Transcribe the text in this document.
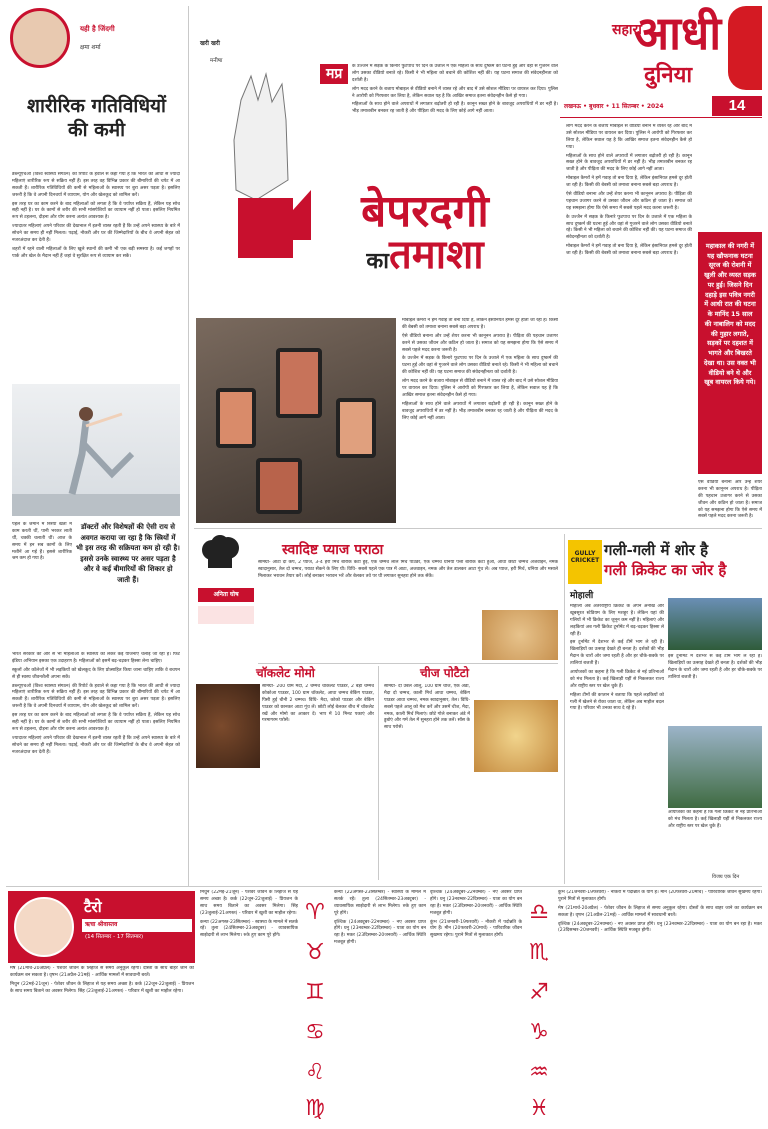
सहारा
आधी
दुनिया
लखनऊ • बुधवार • 11 सितम्बर • 2024	14
यही है जिंदगी
क्षमा शर्मा
शारीरिक गतिविधियों की कमी

डब्ल्यूएचओ (विश्व स्वास्थ्य संगठन) की रिपोर्ट के हवाले से कहा गया है कि भारत की आधी से ज्यादा महिलाएं शारीरिक रूप से सक्रिय नहीं हैं। इस तरह वह विभिन्न प्रकार की बीमारियों की चपेट में आ सकती हैं। शारीरिक गतिविधियों की कमी से महिलाओं के स्वास्थ्य पर बुरा असर पड़ता है। इसलिए जरूरी है कि वे अपनी दिनचर्या में व्यायाम, योग और खेलकूद को शामिल करें।

इस तरह घर का काम करने के बाद महिलाओं को लगता है कि वे पर्याप्त सक्रिय हैं, लेकिन यह सोच सही नहीं है। घर के कामों से शरीर की सभी मांसपेशियों का व्यायाम नहीं हो पाता। इसलिए नियमित रूप से टहलना, दौड़ना और योग करना अत्यंत आवश्यक है।

ज्यादातर महिलाएं अपने परिवार की देखभाल में इतनी व्यस्त रहती हैं कि उन्हें अपने स्वास्थ्य के बारे में सोचने का समय ही नहीं मिलता। पढ़ाई, नौकरी और घर की जिम्मेदारियों के बीच वे अपनी सेहत को नजरअंदाज कर देती हैं।

शहरों में रहने वाली महिलाओं के लिए खुले स्थानों की कमी भी एक बड़ी समस्या है। कई जगहों पर पार्क और खेल के मैदान नहीं हैं जहां वे सुरक्षित रूप से व्यायाम कर सकें।

पहले के जमाने में स्त्रियां खेतों में काम करती थीं, पानी भरकर लाती थीं, चक्की चलाती थीं। आज के समय में इन सब कामों के लिए मशीनें आ गई हैं। इससे शारीरिक श्रम कम हो गया है।

डॉक्टरों और विशेषज्ञों की ऐसी राय से अवगत कराया जा रहा है कि स्त्रियों में भी इस तरह की सक्रियता कम हो रही है। इससे उनके स्वास्थ्य पर असर पड़ता है और वे कई बीमारियों की शिकार हो जाती हैं।

भारत सरकार की ओर से भी महिलाओं के स्वास्थ्य को लेकर कई योजनाएं चलाई जा रही हैं। फिट इंडिया अभियान इसका एक उदाहरण है। महिलाओं को इसमें बढ़-चढ़कर हिस्सा लेना चाहिए।

स्कूलों और कॉलेजों में भी लड़कियों को खेलकूद के लिए प्रोत्साहित किया जाना चाहिए ताकि वे बचपन से ही स्वस्थ जीवनशैली अपना सकें।

डब्ल्यूएचओ (विश्व स्वास्थ्य संगठन) की रिपोर्ट के हवाले से कहा गया है कि भारत की आधी से ज्यादा महिलाएं शारीरिक रूप से सक्रिय नहीं हैं। इस तरह वह विभिन्न प्रकार की बीमारियों की चपेट में आ सकती हैं। शारीरिक गतिविधियों की कमी से महिलाओं के स्वास्थ्य पर बुरा असर पड़ता है। इसलिए जरूरी है कि वे अपनी दिनचर्या में व्यायाम, योग और खेलकूद को शामिल करें।

इस तरह घर का काम करने के बाद महिलाओं को लगता है कि वे पर्याप्त सक्रिय हैं, लेकिन यह सोच सही नहीं है। घर के कामों से शरीर की सभी मांसपेशियों का व्यायाम नहीं हो पाता। इसलिए नियमित रूप से टहलना, दौड़ना और योग करना अत्यंत आवश्यक है।

ज्यादातर महिलाएं अपने परिवार की देखभाल में इतनी व्यस्त रहती हैं कि उन्हें अपने स्वास्थ्य के बारे में सोचने का समय ही नहीं मिलता। पढ़ाई, नौकरी और घर की जिम्मेदारियों के बीच वे अपनी सेहत को नजरअंदाज कर देती हैं।

खरी खरी
मनीषा
मप्र	के उज्जैन में सड़क के किनारे फुटपाथ पर दिन के उजाले में एक महिला के साथ दुष्कर्म की घटना हुई और वहां से गुजरने वाले लोग उसका वीडियो बनाते रहे। किसी ने भी महिला को बचाने की कोशिश नहीं की। यह घटना समाज की संवेदनहीनता को दर्शाती है।

लोग मदद करने के बजाय मोबाइल से वीडियो बनाने में व्यस्त रहे और बाद में उसे सोशल मीडिया पर वायरल कर दिया। पुलिस ने आरोपी को गिरफ्तार कर लिया है, लेकिन सवाल यह है कि आखिर समाज इतना संवेदनहीन कैसे हो गया।

महिलाओं के साथ होने वाले अपराधों में लगातार बढ़ोतरी हो रही है। कानून सख्त होने के बावजूद अपराधियों में डर नहीं है। भीड़ तमाशबीन बनकर रह जाती है और पीड़िता की मदद के लिए कोई आगे नहीं आता।

बेपरदगी
कातमाशा

मोबाइल कैमरों ने हमें गवाह तो बना दिया है, लेकिन इंसानियत हमसे दूर होती जा रही है। किसी की बेबसी को तमाशा बनाना सबसे बड़ा अपराध है।

ऐसे वीडियो बनाना और उन्हें शेयर करना भी कानूनन अपराध है। पीड़िता की पहचान उजागर करने से उसका जीवन और कठिन हो जाता है। समाज को यह समझना होगा कि ऐसे समय में सबसे पहले मदद करना जरूरी है।

के उज्जैन में सड़क के किनारे फुटपाथ पर दिन के उजाले में एक महिला के साथ दुष्कर्म की घटना हुई और वहां से गुजरने वाले लोग उसका वीडियो बनाते रहे। किसी ने भी महिला को बचाने की कोशिश नहीं की। यह घटना समाज की संवेदनहीनता को दर्शाती है।

लोग मदद करने के बजाय मोबाइल से वीडियो बनाने में व्यस्त रहे और बाद में उसे सोशल मीडिया पर वायरल कर दिया। पुलिस ने आरोपी को गिरफ्तार कर लिया है, लेकिन सवाल यह है कि आखिर समाज इतना संवेदनहीन कैसे हो गया।

महिलाओं के साथ होने वाले अपराधों में लगातार बढ़ोतरी हो रही है। कानून सख्त होने के बावजूद अपराधियों में डर नहीं है। भीड़ तमाशबीन बनकर रह जाती है और पीड़िता की मदद के लिए कोई आगे नहीं आता।

लोग मदद करने के बजाय मोबाइल से वीडियो बनाने में व्यस्त रहे और बाद में उसे सोशल मीडिया पर वायरल कर दिया। पुलिस ने आरोपी को गिरफ्तार कर लिया है, लेकिन सवाल यह है कि आखिर समाज इतना संवेदनहीन कैसे हो गया।

महिलाओं के साथ होने वाले अपराधों में लगातार बढ़ोतरी हो रही है। कानून सख्त होने के बावजूद अपराधियों में डर नहीं है। भीड़ तमाशबीन बनकर रह जाती है और पीड़िता की मदद के लिए कोई आगे नहीं आता।

मोबाइल कैमरों ने हमें गवाह तो बना दिया है, लेकिन इंसानियत हमसे दूर होती जा रही है। किसी की बेबसी को तमाशा बनाना सबसे बड़ा अपराध है।

ऐसे वीडियो बनाना और उन्हें शेयर करना भी कानूनन अपराध है। पीड़िता की पहचान उजागर करने से उसका जीवन और कठिन हो जाता है। समाज को यह समझना होगा कि ऐसे समय में सबसे पहले मदद करना जरूरी है।

के उज्जैन में सड़क के किनारे फुटपाथ पर दिन के उजाले में एक महिला के साथ दुष्कर्म की घटना हुई और वहां से गुजरने वाले लोग उसका वीडियो बनाते रहे। किसी ने भी महिला को बचाने की कोशिश नहीं की। यह घटना समाज की संवेदनहीनता को दर्शाती है।

मोबाइल कैमरों ने हमें गवाह तो बना दिया है, लेकिन इंसानियत हमसे दूर होती जा रही है। किसी की बेबसी को तमाशा बनाना सबसे बड़ा अपराध है।

महाकाल की नगरी में यह खौफनाक घटना सूरज की रोशनी में खुली और व्यस्त सड़क पर हुई। जिसने दिन दहाड़े इस पवित्र नगरी में आधी रात की घटना के मानिंद 15 साल की नाबालिग को मदद की गुहार लगाते, सड़कों पर दहशत में भागते और बिखरते देखा था। उस वक्त भी वीडियो बने थे और खूब वायरल किये गये।

ऐसे वीडियो बनाना और उन्हें शेयर करना भी कानूनन अपराध है। पीड़िता की पहचान उजागर करने से उसका जीवन और कठिन हो जाता है। समाज को यह समझना होगा कि ऐसे समय में सबसे पहले मदद करना जरूरी है।

अनिता घोष
स्वादिष्ट प्याज पराठा
सामग्री- आटा दो कप, 2 प्याज, 3-4 हरी मिर्च बारीक कटी हुई, एक चम्मच लाल मिर्च पाउडर, एक चम्मच धनिया पत्ता बारीक कटा हुआ, आधा छोटा चम्मच अजवाइन, नमक स्वादानुसार, तेल दो चम्मच, पराठा सेंकने के लिए घी। विधि- सबसे पहले एक पात्र में आटा, अजवाइन, नमक और तेल डालकर आटा गूंथ लें। अब प्याज, हरी मिर्च, धनिया और मसाले मिलाकर भरावन तैयार करें। लोई बनाकर भरावन भरें और बेलकर तवे पर घी लगाकर सुनहरा होने तक सेंकें।
चॉकलेट मोमो
सामग्री- 200 ग्राम मैदा, 2 चम्मच चॉकलेट पाउडर, 2 बड़ा चम्मच कोकोआ पाउडर, 100 ग्राम चॉकलेट, आधा चम्मच बेकिंग पाउडर, पिसी हुई चीनी 2 चम्मच। विधि- मैदा, कोको पाउडर और बेकिंग पाउडर को छानकर आटा गूंथ लें। छोटी लोई बेलकर बीच में चॉकलेट रखें और मोमो का आकार दें। भाप में 10 मिनट पकाएं और गरमागरम परोसें।
चीज पोटैटो
सामग्री- दो उबले आलू, 100 ग्राम चीज, एक अंडा, मैदा दो चम्मच, काली मिर्च आधा चम्मच, बेकिंग पाउडर आधा चम्मच, नमक स्वादानुसार, तेल। विधि- सबसे पहले आलू को मैश करें और उसमें चीज, मैदा, नमक, काली मिर्च मिलाएं। छोटे गोले बनाकर अंडे में डुबोएं और गर्म तेल में सुनहरा होने तक तलें। सॉस के साथ परोसें।
गली-गली में शोर है
गली क्रिकेट का जोर है
GULLY CRICKET
मोहाली

मोहाली अब अंतरराष्ट्रीय क्रिकेट के अपने अनोखे और खूबसूरत स्टेडियम के लिए मशहूर है। लेकिन यहां की गलियों में भी क्रिकेट का जुनून कम नहीं है। महिलाएं और लड़कियां अब गली क्रिकेट टूर्नामेंट में बढ़-चढ़कर हिस्सा ले रही हैं।

इस टूर्नामेंट में देशभर से कई टीमें भाग ले रही हैं। खिलाड़ियों का उत्साह देखते ही बनता है। दर्शकों की भीड़ मैदान के चारों ओर जमा रहती है और हर चौके-छक्के पर तालियां बजती हैं।

आयोजकों का कहना है कि गली क्रिकेट से नई प्रतिभाओं को मंच मिलता है। कई खिलाड़ी यहीं से निकलकर राज्य और राष्ट्रीय स्तर पर खेल चुके हैं।

महिला टीमों की कप्तान ने बताया कि पहले लड़कियों को गली में खेलने से रोका जाता था, लेकिन अब माहौल बदल गया है। परिवार भी उनका साथ दे रहे हैं।

इस टूर्नामेंट में देशभर से कई टीमें भाग ले रही हैं। खिलाड़ियों का उत्साह देखते ही बनता है। दर्शकों की भीड़ मैदान के चारों ओर जमा रहती है और हर चौके-छक्के पर तालियां बजती हैं।

आयोजकों का कहना है कि गली क्रिकेट से नई प्रतिभाओं को मंच मिलता है। कई खिलाड़ी यहीं से निकलकर राज्य और राष्ट्रीय स्तर पर खेल चुके हैं।

विजय एक दिन
टैरो
ऋचा श्रीवास्तव
(14 सितम्बर - 17 सितम्बर)

मेष (21मार्च-20अप्रैल) - पेशेवर जीवन के लिहाज से समय अनुकूल रहेगा। दोस्तों के साथ बाहर जाने का कार्यक्रम बन सकता है। वृषभ (21अप्रैल-21मई) - आर्थिक मामलों में सावधानी बरतें।

मिथुन (22मई-21जून) - पेशेवर जीवन के लिहाज से यह समय अच्छा है। कर्क (22जून-22जुलाई) - प्रियजन के साथ समय बिताने का अवसर मिलेगा। सिंह (23जुलाई-21अगस्त) - परिवार में खुशी का माहौल रहेगा।

मिथुन (22मई-21जून) - पेशेवर जीवन के लिहाज से यह समय अच्छा है। कर्क (22जून-22जुलाई) - प्रियजन के साथ समय बिताने का अवसर मिलेगा। सिंह (23जुलाई-21अगस्त) - परिवार में खुशी का माहौल रहेगा।

कन्या (22अगस्त-23सितम्बर) - स्वास्थ्य के मामले में सतर्क रहें। तुला (24सितम्बर-23अक्टूबर) - व्यावसायिक साझेदारी से लाभ मिलेगा। रुके हुए काम पूरे होंगे।

♈
♉
♊
♋
♌
♍

कन्या (22अगस्त-23सितम्बर) - स्वास्थ्य के मामले में सतर्क रहें। तुला (24सितम्बर-23अक्टूबर) - व्यावसायिक साझेदारी से लाभ मिलेगा। रुके हुए काम पूरे होंगे।

वृश्चिक (24अक्टूबर-22नवम्बर) - नए अवसर प्राप्त होंगे। धनु (23नवम्बर-22दिसम्बर) - यात्रा का योग बन रहा है। मकर (23दिसम्बर-20जनवरी) - आर्थिक स्थिति मजबूत होगी।

वृश्चिक (24अक्टूबर-22नवम्बर) - नए अवसर प्राप्त होंगे। धनु (23नवम्बर-22दिसम्बर) - यात्रा का योग बन रहा है। मकर (23दिसम्बर-20जनवरी) - आर्थिक स्थिति मजबूत होगी।

कुंभ (21जनवरी-19फरवरी) - नौकरी में पदोन्नति के योग हैं। मीन (20फरवरी-20मार्च) - पारिवारिक जीवन सुखमय रहेगा। पुराने मित्रों से मुलाकात होगी।

♎
♏
♐
♑
♒
♓

कुंभ (21जनवरी-19फरवरी) - नौकरी में पदोन्नति के योग हैं। मीन (20फरवरी-20मार्च) - पारिवारिक जीवन सुखमय रहेगा। पुराने मित्रों से मुलाकात होगी।

मेष (21मार्च-20अप्रैल) - पेशेवर जीवन के लिहाज से समय अनुकूल रहेगा। दोस्तों के साथ बाहर जाने का कार्यक्रम बन सकता है। वृषभ (21अप्रैल-21मई) - आर्थिक मामलों में सावधानी बरतें।

वृश्चिक (24अक्टूबर-22नवम्बर) - नए अवसर प्राप्त होंगे। धनु (23नवम्बर-22दिसम्बर) - यात्रा का योग बन रहा है। मकर (23दिसम्बर-20जनवरी) - आर्थिक स्थिति मजबूत होगी।
